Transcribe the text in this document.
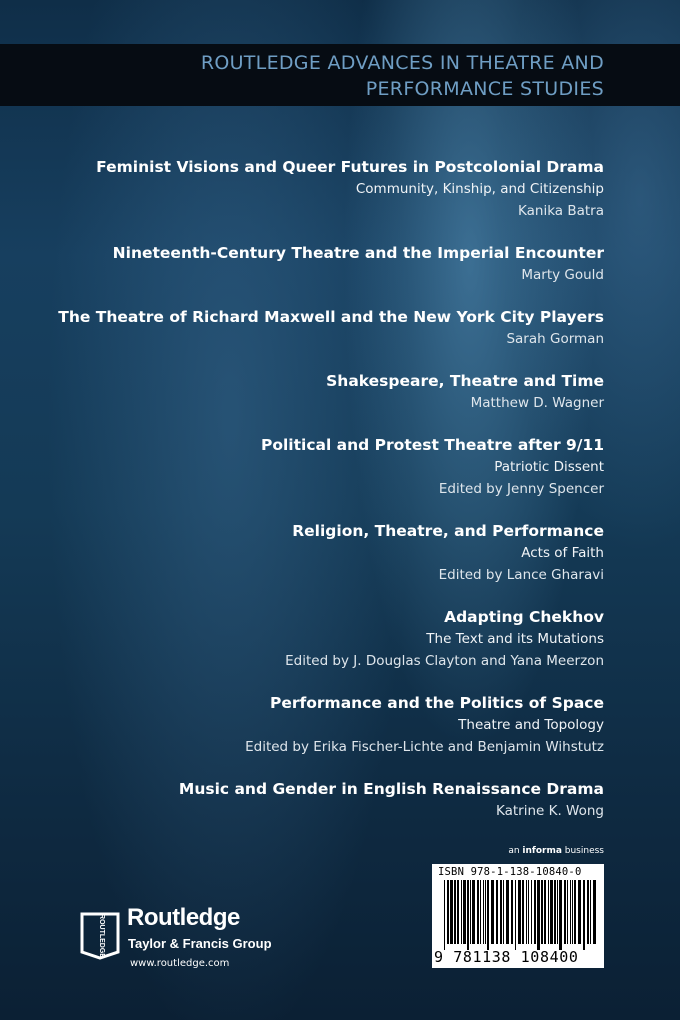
ROUTLEDGE ADVANCES IN THEATRE AND
PERFORMANCE STUDIES
Feminist Visions and Queer Futures in Postcolonial Drama
Community, Kinship, and Citizenship
Kanika Batra
Nineteenth-Century Theatre and the Imperial Encounter
Marty Gould
The Theatre of Richard Maxwell and the New York City Players
Sarah Gorman
Shakespeare, Theatre and Time
Matthew D. Wagner
Political and Protest Theatre after 9/11
Patriotic Dissent
Edited by Jenny Spencer
Religion, Theatre, and Performance
Acts of Faith
Edited by Lance Gharavi
Adapting Chekhov
The Text and its Mutations
Edited by J. Douglas Clayton and Yana Meerzon
Performance and the Politics of Space
Theatre and Topology
Edited by Erika Fischer-Lichte and Benjamin Wihstutz
Music and Gender in English Renaissance Drama
Katrine K. Wong
an informa business
ISBN 978-1-138-10840-0
9 781138 108400
ROUTLEDGE Routledge
Taylor & Francis Group
www.routledge.com
